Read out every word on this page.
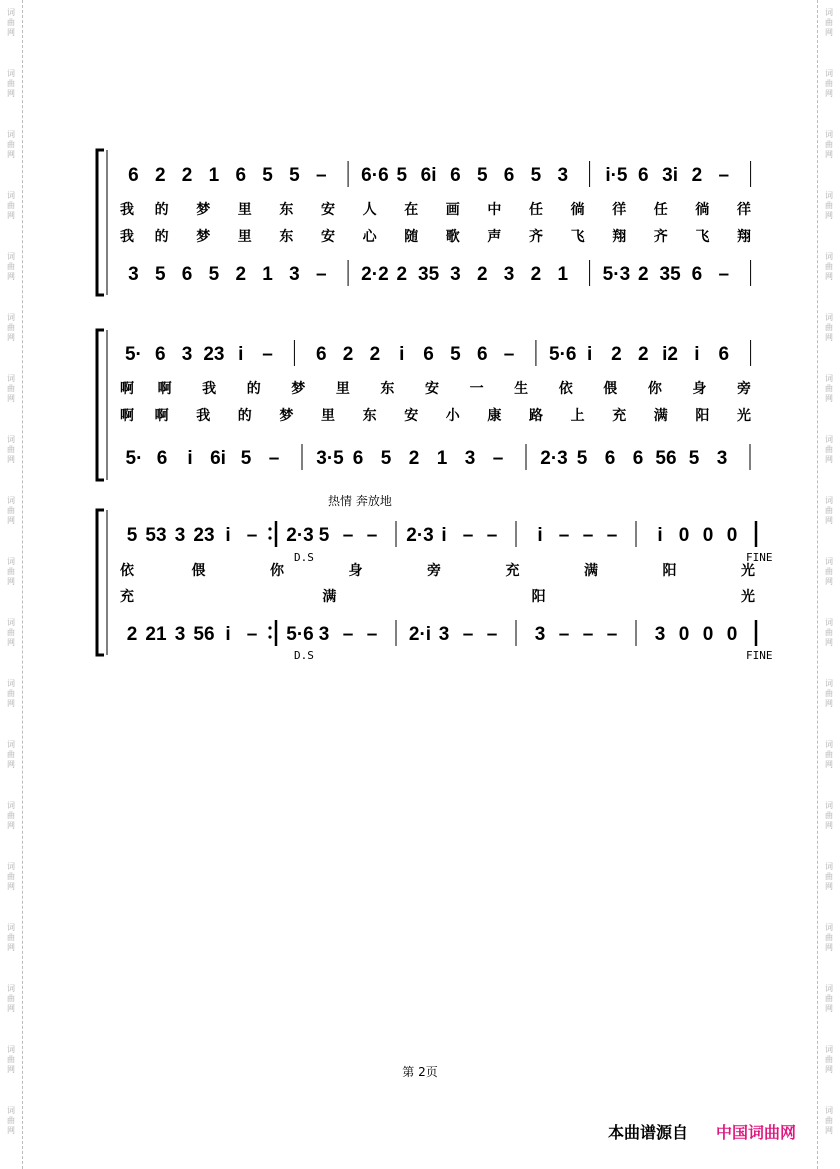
词
曲
网
词
曲
网
词
曲
网
词
曲
网
词
曲
网
词
曲
网
词
曲
网
词
曲
网
词
曲
网
词
曲
网
词
曲
网
词
曲
网
词
曲
网
词
曲
网
词
曲
网
词
曲
网
词
曲
网
词
曲
网
词
曲
网
词
曲
网
词
曲
网
词
曲
网
词
曲
网
词
曲
网
词
曲
网
词
曲
网
词
曲
网
词
曲
网
词
曲
网
词
曲
网
词
曲
网
词
曲
网
词
曲
网
词
曲
网
词
曲
网
词
曲
网
词
曲
网
词
曲
网
6 2 2 1 6 5 5 – 6·6 5 6i 6 5 6 5 3 i·5 6 3i 2 –
3 5 6 5 2 1 3 – 2·2 2 35 3 2 3 2 1 5·3 2 35 6 –
我 的 梦 里 东 安 人 在 画 中 任 徜 徉 任 徜 徉
我 的 梦 里 东 安 心 随 歌 声 齐 飞 翔 齐 飞 翔
5· 6 3 23 i – 6 2 2 i 6 5 6 – 5·6 i 2 2 i2 i 6
5· 6 i 6i 5 – 3·5 6 5 2 1 3 – 2·3 5 6 6 56 5 3
啊 啊 我 的 梦 里 东 安 一 生 依 偎 你 身 旁
啊 啊 我 的 梦 里 东 安 小 康 路 上 充 满 阳 光
5 53 3 23 i – 2·3 5 – – 2·3 i – – i – – – i 0 0 0
2 21 3 56 i – 5·6 3 – – 2·i 3 – – 3 – – – 3 0 0 0
依	偎	你	身	旁	充	满	阳	光
充	满	阳	光
热情 奔放地
D.S
D.S
FINE
FINE
第 2页
本曲谱源自 中国词曲网
